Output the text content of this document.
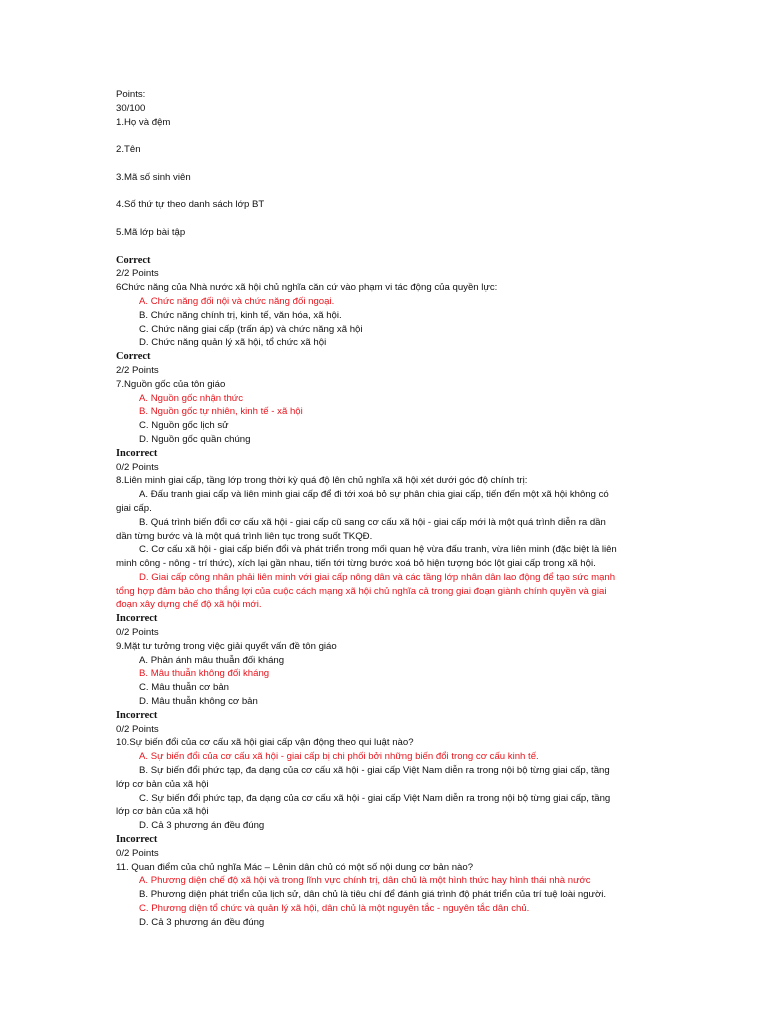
Points:

30/100

1.Họ và đệm

2.Tên

3.Mã số sinh viên

4.Số thứ tự theo danh sách lớp BT

5.Mã lớp bài tập

Correct

2/2 Points

6Chức năng của Nhà nước xã hội chủ nghĩa căn cứ vào phạm vi tác động của quyền lực:

A. Chức năng đối nội và chức năng đối ngoại.

B. Chức năng chính trị, kinh tế, văn hóa, xã hội.

C. Chức năng giai cấp (trấn áp) và chức năng xã hội

D. Chức năng quản lý xã hội, tổ chức xã hội

Correct

2/2 Points

7.Nguồn gốc của tôn giáo

A. Nguồn gốc nhận thức

B. Nguồn gốc tự nhiên, kinh tế - xã hội

C. Nguồn gốc lịch sử

D. Nguồn gốc quần chúng

Incorrect

0/2 Points

8.Liên minh giai cấp, tầng lớp trong thời kỳ quá độ lên chủ nghĩa xã hội xét dưới góc độ chính trị:

A. Đấu tranh giai cấp và liên minh giai cấp để đi tới xoá bỏ sự phân chia giai cấp, tiến đến một xã hội không có

giai cấp.

B. Quá trình biến đổi cơ cấu xã hội - giai cấp cũ sang cơ cấu xã hội - giai cấp mới là một quá trình diễn ra dần

dần từng bước và là một quá trình liên tục trong suốt TKQĐ.

C. Cơ cấu xã hội - giai cấp biến đổi và phát triển trong mối quan hệ vừa đấu tranh, vừa liên minh (đặc biệt là liên

minh công - nông - trí thức), xích lại gần nhau, tiến tới từng bước xoá bỏ hiện tượng bóc lột giai cấp trong xã hội.

D. Giai cấp công nhân phải liên minh với giai cấp nông dân và các tầng lớp nhân dân lao động để tạo sức mạnh

tổng hợp đảm bảo cho thắng lợi của cuộc cách mạng xã hội chủ nghĩa cả trong giai đoạn giành chính quyền và giai

đoạn xây dựng chế độ xã hội mới.

Incorrect

0/2 Points

9.Mặt tư tưởng trong việc giải quyết vấn đề tôn giáo

A. Phản ánh mâu thuẫn đối kháng

B. Mâu thuẫn không đối kháng

C. Mâu thuẫn cơ bản

D. Mâu thuẫn không cơ bản

Incorrect

0/2 Points

10.Sự biến đổi của cơ cấu xã hội giai cấp vận động theo qui luật nào?

A. Sự biến đổi của cơ cấu xã hội - giai cấp bị chi phối bởi những biến đổi trong cơ cấu kinh tế.

B. Sự biến đổi phức tạp, đa dạng của cơ cấu xã hội - giai cấp Việt Nam diễn ra trong nội bộ từng giai cấp, tầng

lớp cơ bản của xã hội

C. Sự biến đổi phức tạp, đa dạng của cơ cấu xã hội - giai cấp Việt Nam diễn ra trong nội bộ từng giai cấp, tầng

lớp cơ bản của xã hội

D. Cả 3 phương án đều đúng

Incorrect

0/2 Points

11. Quan điểm của chủ nghĩa Mác – Lênin dân chủ có một số nội dung cơ bản nào?

A. Phương diện chế độ xã hội và trong lĩnh vực chính trị, dân chủ là một hình thức hay hình thái nhà nước

B. Phương diện phát triển của lịch sử, dân chủ là tiêu chí để đánh giá trình độ phát triển của trí tuệ loài người.

C. Phương diện tổ chức và quản lý xã hội, dân chủ là một nguyên tắc - nguyên tắc dân chủ.

D. Cả 3 phương án đều đúng
